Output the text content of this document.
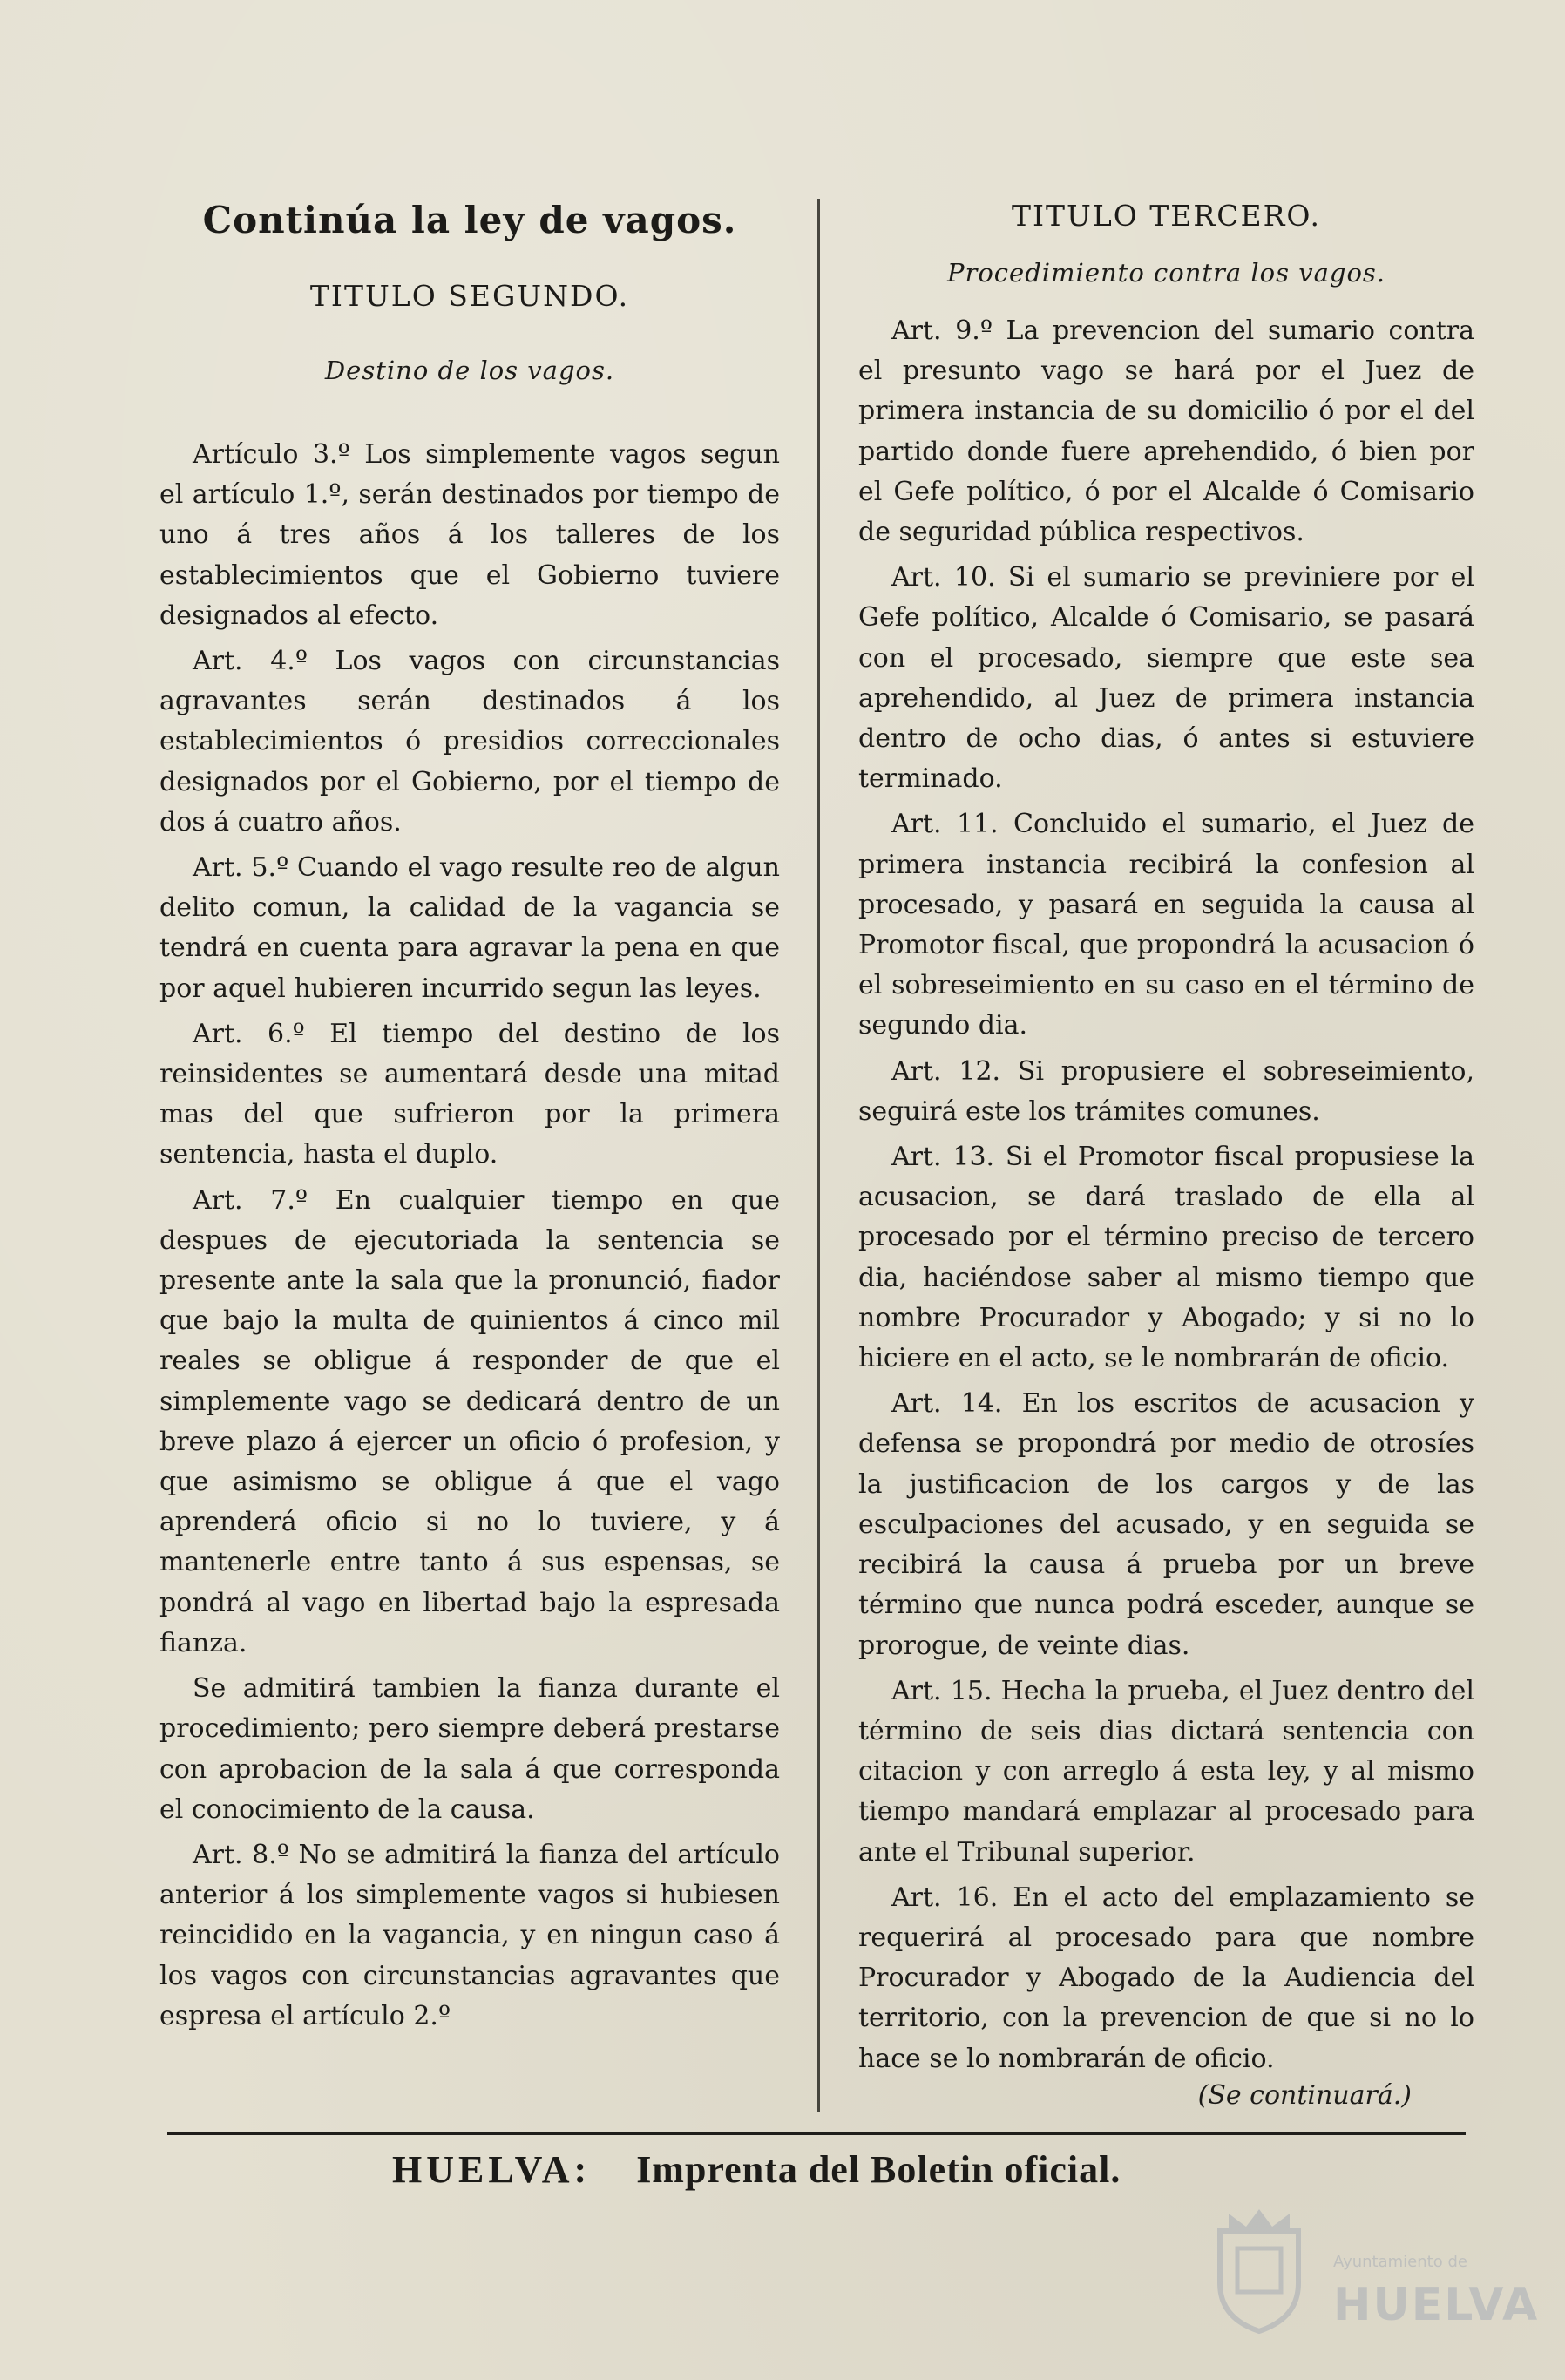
Continúa la ley de vagos.
TITULO SEGUNDO.
Destino de los vagos.

Artículo 3.º Los simplemente vagos segun el artículo 1.º, serán destinados por tiempo de uno á tres años á los talleres de los establecimientos que el Gobierno tuviere designados al efecto.

Art. 4.º Los vagos con circunstancias agravantes serán destinados á los establecimientos ó presidios correccionales designados por el Gobierno, por el tiempo de dos á cuatro años.

Art. 5.º Cuando el vago resulte reo de algun delito comun, la calidad de la vagancia se tendrá en cuenta para agravar la pena en que por aquel hubieren incurrido segun las leyes.

Art. 6.º El tiempo del destino de los reinsidentes se aumentará desde una mitad mas del que sufrieron por la primera sentencia, hasta el duplo.

Art. 7.º En cualquier tiempo en que despues de ejecutoriada la sentencia se presente ante la sala que la pronunció, fiador que bajo la multa de quinientos á cinco mil reales se obligue á responder de que el simplemente vago se dedicará dentro de un breve plazo á ejercer un oficio ó profesion, y que asimismo se obligue á que el vago aprenderá oficio si no lo tuviere, y á mantenerle entre tanto á sus espensas, se pondrá al vago en libertad bajo la espresada fianza.

Se admitirá tambien la fianza durante el procedimiento; pero siempre deberá prestarse con aprobacion de la sala á que corresponda el conocimiento de la causa.

Art. 8.º No se admitirá la fianza del artículo anterior á los simplemente vagos si hubiesen reincidido en la vagancia, y en ningun caso á los vagos con circunstancias agravantes que espresa el artículo 2.º

TITULO TERCERO.
Procedimiento contra los vagos.

Art. 9.º La prevencion del sumario contra el presunto vago se hará por el Juez de primera instancia de su domicilio ó por el del partido donde fuere aprehendido, ó bien por el Gefe político, ó por el Alcalde ó Comisario de seguridad pública respectivos.

Art. 10. Si el sumario se previniere por el Gefe político, Alcalde ó Comisario, se pasará con el procesado, siempre que este sea aprehendido, al Juez de primera instancia dentro de ocho dias, ó antes si estuviere terminado.

Art. 11. Concluido el sumario, el Juez de primera instancia recibirá la confesion al procesado, y pasará en seguida la causa al Promotor fiscal, que propondrá la acusacion ó el sobreseimiento en su caso en el término de segundo dia.

Art. 12. Si propusiere el sobreseimiento, seguirá este los trámites comunes.

Art. 13. Si el Promotor fiscal propusiese la acusacion, se dará traslado de ella al procesado por el término preciso de tercero dia, haciéndose saber al mismo tiempo que nombre Procurador y Abogado; y si no lo hiciere en el acto, se le nombrarán de oficio.

Art. 14. En los escritos de acusacion y defensa se propondrá por medio de otrosíes la justificacion de los cargos y de las esculpaciones del acusado, y en seguida se recibirá la causa á prueba por un breve término que nunca podrá esceder, aunque se prorogue, de veinte dias.

Art. 15. Hecha la prueba, el Juez dentro del término de seis dias dictará sentencia con citacion y con arreglo á esta ley, y al mismo tiempo mandará emplazar al procesado para ante el Tribunal superior.

Art. 16. En el acto del emplazamiento se requerirá al procesado para que nombre Procurador y Abogado de la Audiencia del territorio, con la prevencion de que si no lo hace se lo nombrarán de oficio.

(Se continuará.)
HUELVA: Imprenta del Boletin oficial.
Ayuntamiento de
HUELVA
